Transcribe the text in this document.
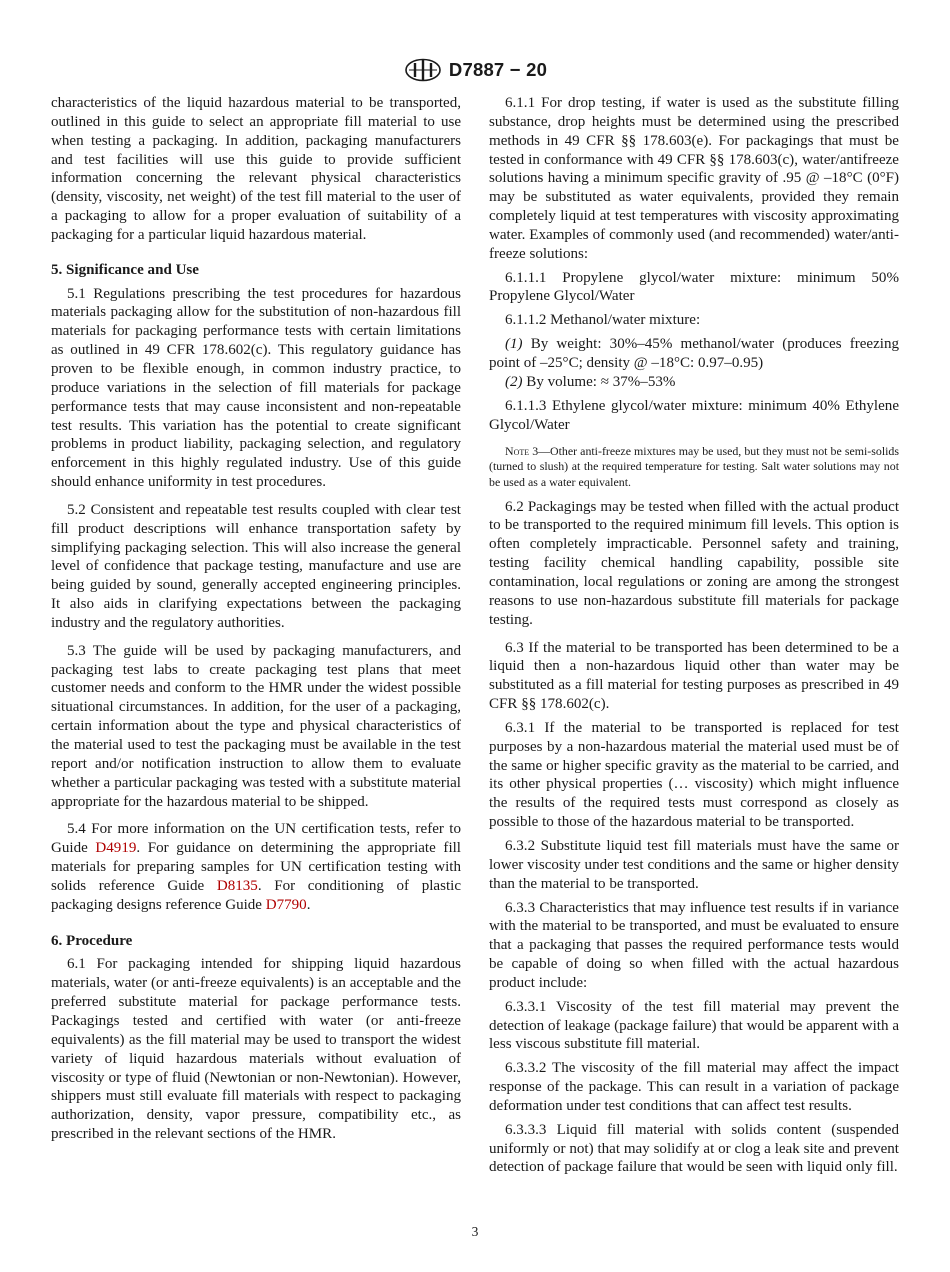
D7887 − 20

characteristics of the liquid hazardous material to be transported, outlined in this guide to select an appropriate fill material to use when testing a packaging. In addition, packaging manufacturers and test facilities will use this guide to provide sufficient information concerning the relevant physical characteristics (density, viscosity, net weight) of the test fill material to the user of a packaging to allow for a proper evaluation of suitability of a packaging for a particular liquid hazardous material.

5. Significance and Use

5.1 Regulations prescribing the test procedures for hazardous materials packaging allow for the substitution of non-hazardous fill materials for packaging performance tests with certain limitations as outlined in 49 CFR 178.602(c). This regulatory guidance has proven to be flexible enough, in common industry practice, to produce variations in the selection of fill materials for package performance tests that may cause inconsistent and non-repeatable test results. This variation has the potential to create significant problems in product liability, packaging selection, and regulatory enforcement in this highly regulated industry. Use of this guide should enhance uniformity in test procedures.

5.2 Consistent and repeatable test results coupled with clear test fill product descriptions will enhance transportation safety by simplifying packaging selection. This will also increase the general level of confidence that package testing, manufacture and use are being guided by sound, generally accepted engineering principles. It also aids in clarifying expectations between the packaging industry and the regulatory authorities.

5.3 The guide will be used by packaging manufacturers, and packaging test labs to create packaging test plans that meet customer needs and conform to the HMR under the widest possible situational circumstances. In addition, for the user of a packaging, certain information about the type and physical characteristics of the material used to test the packaging must be available in the test report and/or notification instruction to allow them to evaluate whether a particular packaging was tested with a substitute material appropriate for the hazardous material to be shipped.

5.4 For more information on the UN certification tests, refer to Guide D4919. For guidance on determining the appropriate fill materials for preparing samples for UN certification testing with solids reference Guide D8135. For conditioning of plastic packaging designs reference Guide D7790.

6. Procedure

6.1 For packaging intended for shipping liquid hazardous materials, water (or anti-freeze equivalents) is an acceptable and the preferred substitute material for package performance tests. Packagings tested and certified with water (or anti-freeze equivalents) as the fill material may be used to transport the widest variety of liquid hazardous materials without evaluation of viscosity or type of fluid (Newtonian or non-Newtonian). However, shippers must still evaluate fill materials with respect to packaging authorization, density, vapor pressure, compatibility etc., as prescribed in the relevant sections of the HMR.

6.1.1 For drop testing, if water is used as the substitute filling substance, drop heights must be determined using the prescribed methods in 49 CFR §§ 178.603(e). For packagings that must be tested in conformance with 49 CFR §§ 178.603(c), water/antifreeze solutions having a minimum specific gravity of .95 @ –18°C (0°F) may be substituted as water equivalents, provided they remain completely liquid at test temperatures with viscosity approximating water. Examples of commonly used (and recommended) water/anti-freeze solutions:

6.1.1.1 Propylene glycol/water mixture: minimum 50% Propylene Glycol/Water

6.1.1.2 Methanol/water mixture:

(1) By weight: 30%–45% methanol/water (produces freezing point of –25°C; density @ –18°C: 0.97–0.95)

(2) By volume: ≈ 37%–53%

6.1.1.3 Ethylene glycol/water mixture: minimum 40% Ethylene Glycol/Water

Note 3—Other anti-freeze mixtures may be used, but they must not be semi-solids (turned to slush) at the required temperature for testing. Salt water solutions may not be used as a water equivalent.

6.2 Packagings may be tested when filled with the actual product to be transported to the required minimum fill levels. This option is often completely impracticable. Personnel safety and training, testing facility chemical handling capability, possible site contamination, local regulations or zoning are among the strongest reasons to use non-hazardous substitute fill materials for package testing.

6.3 If the material to be transported has been determined to be a liquid then a non-hazardous liquid other than water may be substituted as a fill material for testing purposes as prescribed in 49 CFR §§ 178.602(c).

6.3.1 If the material to be transported is replaced for test purposes by a non-hazardous material the material used must be of the same or higher specific gravity as the material to be carried, and its other physical properties (… viscosity) which might influence the results of the required tests must correspond as closely as possible to those of the hazardous material to be transported.

6.3.2 Substitute liquid test fill materials must have the same or lower viscosity under test conditions and the same or higher density than the material to be transported.

6.3.3 Characteristics that may influence test results if in variance with the material to be transported, and must be evaluated to ensure that a packaging that passes the required performance tests would be capable of doing so when filled with the actual hazardous product include:

6.3.3.1 Viscosity of the test fill material may prevent the detection of leakage (package failure) that would be apparent with a less viscous substitute fill material.

6.3.3.2 The viscosity of the fill material may affect the impact response of the package. This can result in a variation of package deformation under test conditions that can affect test results.

6.3.3.3 Liquid fill material with solids content (suspended uniformly or not) that may solidify at or clog a leak site and prevent detection of package failure that would be seen with liquid only fill.

3
